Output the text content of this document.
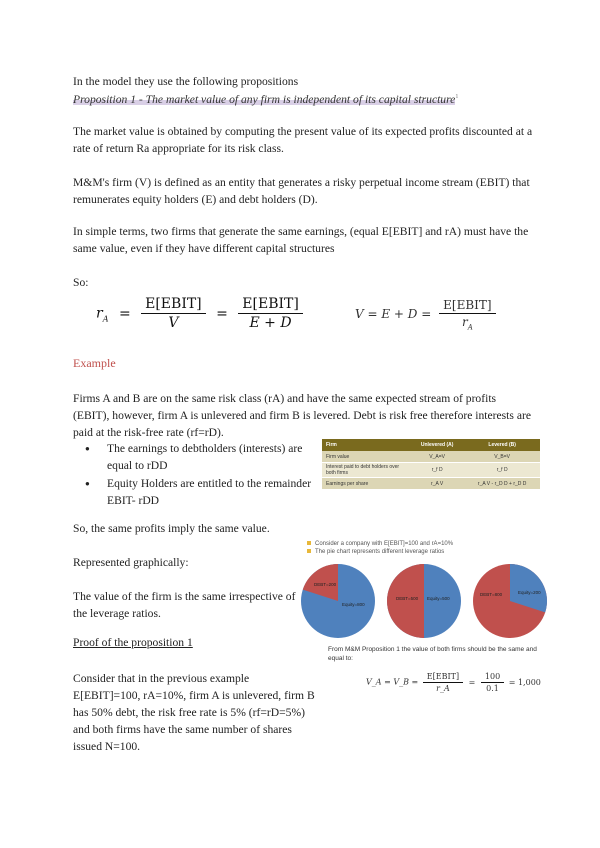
In the model they use the following propositions
Proposition 1 - The market value of any firm is independent of its capital structure$^1$
The market value is obtained by computing the present value of its expected profits discounted at a rate of return Ra appropriate for its risk class.
M&M's firm (V) is defined as an entity that generates a risky perpetual income stream (EBIT) that remunerates equity holders (E) and debt holders (D).
In simple terms, two firms that generate the same earnings, (equal E[EBIT] and rA) must have the same value, even if they have different capital structures
So:
$r_A = \frac{\text{E[EBIT]}}{V} = \frac{\text{E[EBIT]}}{E + D}$	$V = E + D = \frac{\text{E[EBIT]}}{r_A}$
Example
Firms A and B are on the same risk class (rA) and have the same expected stream of profits (EBIT), however, firm A is unlevered and firm B is levered. Debt is risk free therefore interests are paid at the risk-free rate (rf=rD).
● The earnings to debtholders (interests) are equal to rDD
● Equity Holders are entitled to the remainder EBIT- rDD
Firm	Unlevered (A)	Levered (B)
Firm value	V_A=V	V_B=V
Interest paid to debt holders over both firms	r_f D	r_f D
Earnings per share	r_A V	r_A V - r_D D + r_D D
So, the same profits imply the same value.
Represented graphically:
The value of the firm is the same irrespective of the leverage ratios.
Consider a company with E[EBIT]=100 and rA=10%
The pie chart represents different leverage ratios
DEBT=200
Equity=800
DEBT=500 Equity=500
DEBT=800	Equity=200
Proof of the proposition 1
Consider that in the previous example E[EBIT]=100, rA=10%, firm A is unlevered, firm B has 50% debt, the risk free rate is 5% (rf=rD=5%) and both firms have the same number of shares issued N=100.
From M&M Proposition 1 the value of both firms should be the same and equal to:
V_A = V_B = $\frac{\text{E[EBIT]}}{r\_A} = \frac{100}{0.1} = 1,000$
